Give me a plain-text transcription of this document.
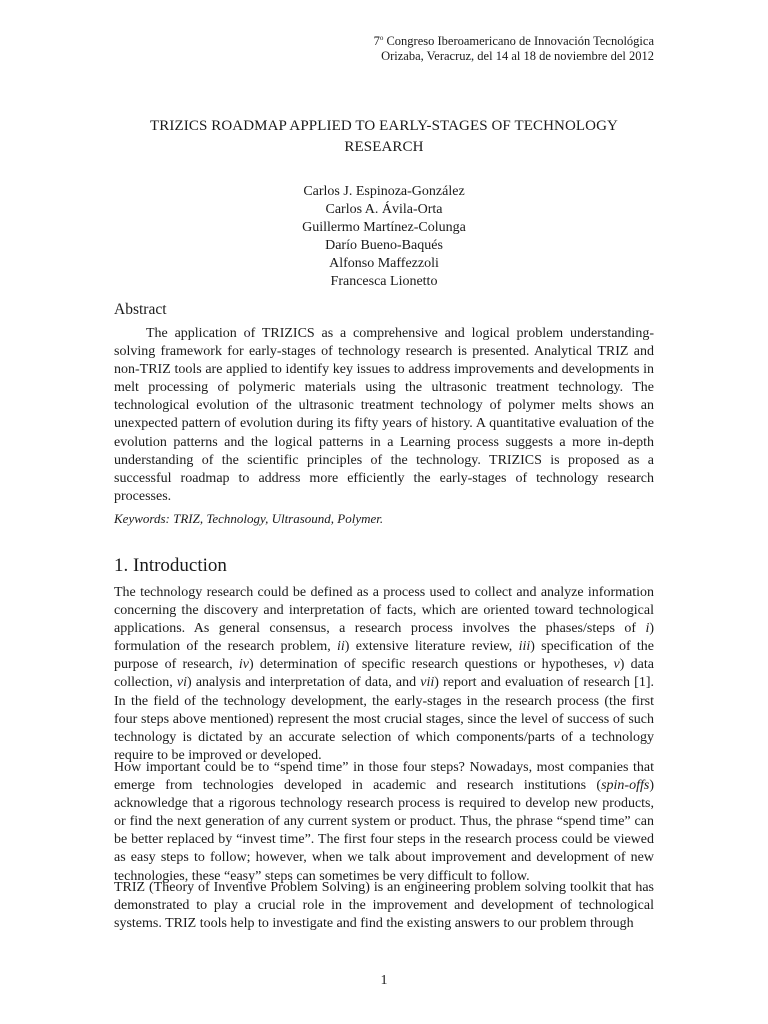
7$^o$ Congreso Iberoamericano de Innovación Tecnológica
Orizaba, Veracruz, del 14 al 18 de noviembre del 2012
TRIZICS ROADMAP APPLIED TO EARLY-STAGES OF TECHNOLOGY
RESEARCH
Carlos J. Espinoza-González
Carlos A. Ávila-Orta
Guillermo Martínez-Colunga
Darío Bueno-Baqués
Alfonso Maffezzoli
Francesca Lionetto
Abstract
The application of TRIZICS as a comprehensive and logical problem understanding-solving framework for early-stages of technology research is presented. Analytical TRIZ and non-TRIZ tools are applied to identify key issues to address improvements and developments in melt processing of polymeric materials using the ultrasonic treatment technology. The technological evolution of the ultrasonic treatment technology of polymer melts shows an unexpected pattern of evolution during its fifty years of history. A quantitative evaluation of the evolution patterns and the logical patterns in a Learning process suggests a more in-depth understanding of the scientific principles of the technology. TRIZICS is proposed as a successful roadmap to address more efficiently the early-stages of technology research processes.
Keywords: TRIZ, Technology, Ultrasound, Polymer.
1. Introduction
The technology research could be defined as a process used to collect and analyze information concerning the discovery and interpretation of facts, which are oriented toward technological applications. As general consensus, a research process involves the phases/steps of i) formulation of the research problem, ii) extensive literature review, iii) specification of the purpose of research, iv) determination of specific research questions or hypotheses, v) data collection, vi) analysis and interpretation of data, and vii) report and evaluation of research [1]. In the field of the technology development, the early-stages in the research process (the first four steps above mentioned) represent the most crucial stages, since the level of success of such technology is dictated by an accurate selection of which components/parts of a technology require to be improved or developed.
How important could be to “spend time” in those four steps? Nowadays, most companies that emerge from technologies developed in academic and research institutions (spin-offs) acknowledge that a rigorous technology research process is required to develop new products, or find the next generation of any current system or product. Thus, the phrase “spend time” can be better replaced by “invest time”. The first four steps in the research process could be viewed as easy steps to follow; however, when we talk about improvement and development of new technologies, these “easy” steps can sometimes be very difficult to follow.
TRIZ (Theory of Inventive Problem Solving) is an engineering problem solving toolkit that has demonstrated to play a crucial role in the improvement and development of technological systems. TRIZ tools help to investigate and find the existing answers to our problem through
1
